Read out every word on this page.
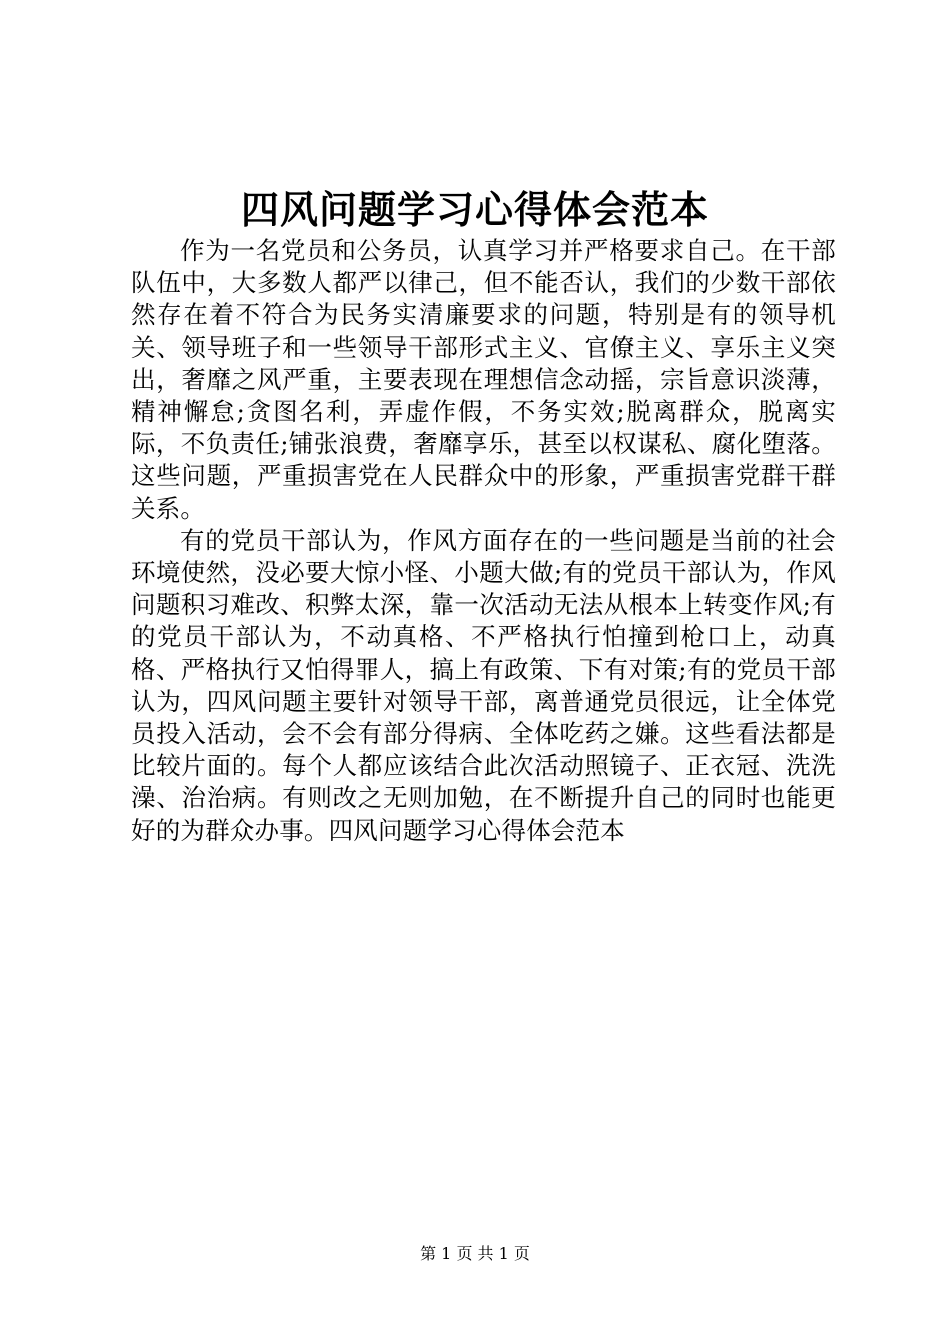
四风问题学习心得体会范本

作为一名党员和公务员，认真学习并严格要求自己。在干部队伍中，大多数人都严以律己，但不能否认，我们的少数干部依然存在着不符合为民务实清廉要求的问题，特别是有的领导机关、领导班子和一些领导干部形式主义、官僚主义、享乐主义突出，奢靡之风严重，主要表现在理想信念动摇，宗旨意识淡薄，精神懈怠;贪图名利，弄虚作假，不务实效;脱离群众，脱离实际，不负责任;铺张浪费，奢靡享乐，甚至以权谋私、腐化堕落。这些问题，严重损害党在人民群众中的形象，严重损害党群干群关系。

有的党员干部认为，作风方面存在的一些问题是当前的社会环境使然，没必要大惊小怪、小题大做;有的党员干部认为，作风问题积习难改、积弊太深，靠一次活动无法从根本上转变作风;有的党员干部认为，不动真格、不严格执行怕撞到枪口上，动真格、严格执行又怕得罪人，搞上有政策、下有对策;有的党员干部认为，四风问题主要针对领导干部，离普通党员很远，让全体党员投入活动，会不会有部分得病、全体吃药之嫌。这些看法都是比较片面的。每个人都应该结合此次活动照镜子、正衣冠、洗洗澡、治治病。有则改之无则加勉，在不断提升自己的同时也能更好的为群众办事。四风问题学习心得体会范本

第 1 页 共 1 页
